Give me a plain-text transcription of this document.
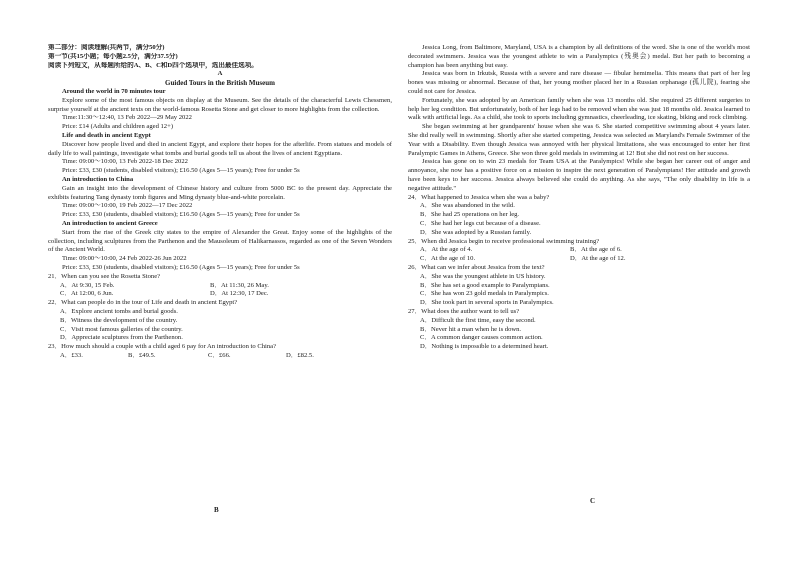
第二部分：阅读理解(共两节，满分50分)

第一节(共15小题；每小题2.5分，满分37.5分)

阅读下列短文，从每题所给的A、B、C和D四个选项中，选出最佳选项。

A

Guided Tours in the British Museum

Around the world in 70 minutes tour

Explore some of the most famous objects on display at the Museum. See the details of the characterful Lewis Chessmen, surprise yourself at the ancient texts on the world-famous Rosetta Stone and get closer to more highlights from the collection.

Time:11:30～12:40, 13 Feb 2022—29 May 2022

Price: £14 (Adults and children aged 12+)

Life and death in ancient Egypt

Discover how people lived and died in ancient Egypt, and explore their hopes for the afterlife. From statues and models of daily life to wall paintings, investigate what tombs and burial goods tell us about the lives of ancient Egyptians.

Time: 09:00～10:00, 13 Feb 2022-18 Dec 2022

Price: £33, £30 (students, disabled visitors); £16.50 (Ages 5—15 years); Free for under 5s

An introduction to China

Gain an insight into the development of Chinese history and culture from 5000 BC to the present day. Appreciate the exhibits featuring Tang dynasty tomb figures and Ming dynasty blue-and-white porcelain.

Time: 09:00～10:00, 19 Feb 2022—17 Dec 2022

Price: £33, £30 (students, disabled visitors); £16.50 (Ages 5—15 years); Free for under 5s

An introduction to ancient Greece

Start from the rise of the Greek city states to the empire of Alexander the Great. Enjoy some of the highlights of the collection, including sculptures from the Parthenon and the Mausoleum of Halikarnassos, regarded as one of the Seven Wonders of the Ancient World.

Time: 09:00～10:00, 24 Feb 2022-26 Jun 2022

Price: £33, £30 (students, disabled visitors); £16.50 (Ages 5—15 years); Free for under 5s

21．When can you see the Rosetta Stone?

A．At 9:30, 15 Feb.	B．At 11:30, 26 May.
C．At 12:00, 6 Jun.	D．At 12:30, 17 Dec.

22．What can people do in the tour of Life and death in ancient Egypt?

A．Explore ancient tombs and burial goods.

B．Witness the development of the country.

C．Visit most famous galleries of the country.

D．Appreciate sculptures from the Parthenon.

23．How much should a couple with a child aged 6 pay for An introduction to China?

A．£33.	B．£49.5.	C．£66.	D．£82.5.
B

Jessica Long, from Baltimore, Maryland, USA is a champion by all definitions of the word. She is one of the world's most decorated swimmers. Jessica was the youngest athlete to win a Paralympics (残奥会) medal. But her path to becoming a champion has been anything but easy.

Jessica was born in Irkutsk, Russia with a severe and rare disease — fibular hemimelia. This means that part of her leg bones was missing or abnormal. Because of that, her young mother placed her in a Russian orphanage (孤儿院), fearing she could not care for Jessica.

Fortunately, she was adopted by an American family when she was 13 months old. She required 25 different surgeries to help her leg condition. But unfortunately, both of her legs had to be removed when she was just 18 months old. Jessica learned to walk with artificial legs. As a child, she took to sports including gymnastics, cheerleading, ice skating, biking and rock climbing.

She began swimming at her grandparents' house when she was 6. She started competitive swimming about 4 years later. She did really well in swimming. Shortly after she started competing, Jessica was selected as Maryland's Female Swimmer of the Year with a Disability. Even though Jessica was annoyed with her physical limitations, she was encouraged to enter her first Paralympic Games in Athens, Greece. She won three gold medals in swimming at 12! But she did not rest on her success.

Jessica has gone on to win 23 medals for Team USA at the Paralympics! While she began her career out of anger and annoyance, she now has a positive force on a mission to inspire the next generation of Paralympians! Her attitude and growth have been keys to her success. Jessica always believed she could do anything. As she says, "The only disability in life is a negative attitude."

24．What happened to Jessica when she was a baby?

A．She was abandoned in the wild.

B．She had 25 operations on her leg.

C．She had her legs cut because of a disease.

D．She was adopted by a Russian family.

25．When did Jessica begin to receive professional swimming training?

A．At the age of 4.	B．At the age of 6.
C．At the age of 10.	D．At the age of 12.

26．What can we infer about Jessica from the text?

A．She was the youngest athlete in US history.

B．She has set a good example to Paralympians.

C．She has won 23 gold medals in Paralympics.

D．She took part in several sports in Paralympics.

27．What does the author want to tell us?

A．Difficult the first time, easy the second.

B．Never hit a man when he is down.

C．A common danger causes common action.

D．Nothing is impossible to a determined heart.

C
